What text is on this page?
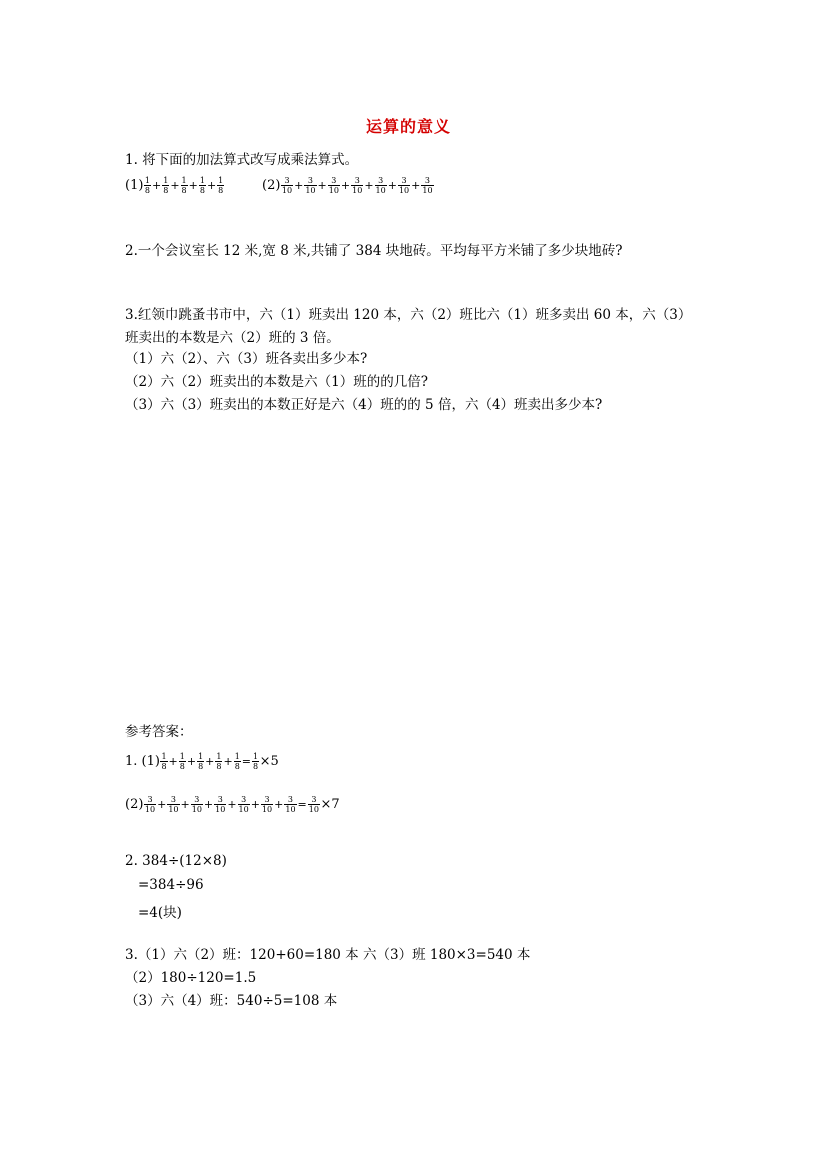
运算的意义
1. 将下面的加法算式改写成乘法算式。
$(1) \frac{1}{8} + \frac{1}{8} + \frac{1}{8} + \frac{1}{8} + \frac{1}{8}$	$(2) \frac{3}{10} + \frac{3}{10} + \frac{3}{10} + \frac{3}{10} + \frac{3}{10} + \frac{3}{10} + \frac{3}{10}$
2.一个会议室长 12 米,宽 8 米,共铺了 384 块地砖。平均每平方米铺了多少块地砖?
3.红领巾跳蚤书市中，六（1）班卖出 120 本，六（2）班比六（1）班多卖出 60 本，六（3）
班卖出的本数是六（2）班的 3 倍。
（1）六（2）、六（3）班各卖出多少本?
（2）六（2）班卖出的本数是六（1）班的的几倍?
（3）六（3）班卖出的本数正好是六（4）班的的 5 倍，六（4）班卖出多少本?
参考答案：
1. $(1) \frac{1}{8} + \frac{1}{8} + \frac{1}{8} + \frac{1}{8} + \frac{1}{8} = \frac{1}{8} \times 5$
$(2) \frac{3}{10} + \frac{3}{10} + \frac{3}{10} + \frac{3}{10} + \frac{3}{10} + \frac{3}{10} + \frac{3}{10} = \frac{3}{10} \times 7$
2. 384÷(12×8)
=384÷96
=4(块)
3.（1）六（2）班：120+60=180 本 六（3）班 180×3=540 本
（2）180÷120=1.5
（3）六（4）班：540÷5=108 本
